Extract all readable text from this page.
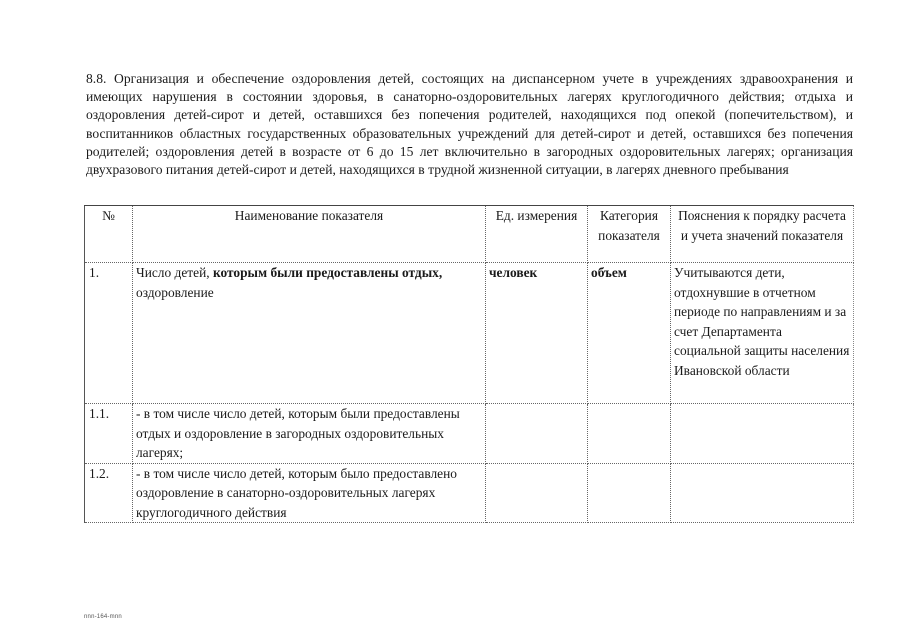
8.8. Организация и обеспечение оздоровления детей, состоящих на диспансерном учете в учреждениях здравоохранения и имеющих нарушения в состоянии здоровья, в санаторно-оздоровительных лагерях круглогодичного действия; отдыха и оздоровления детей-сирот и детей, оставшихся без попечения родителей, находящихся под опекой (попечительством), и воспитанников областных государственных образовательных учреждений для детей-сирот и детей, оставшихся без попечения родителей; оздоровления детей в возрасте от 6 до 15 лет включительно в загородных оздоровительных лагерях; организация двухразового питания детей-сирот и детей, находящихся в трудной жизненной ситуации, в лагерях дневного пребывания
№	Наименование показателя	Ед. измерения	Категория показателя	Пояснения к порядку расчета и учета значений показателя
1.	Число детей, которым были предоставлены отдых, оздоровление	человек	объем	Учитываются дети, отдохнувшие в отчетном периоде по направлениям и за счет Департамента социальной защиты населения Ивановской области
1.1.	- в том числе число детей, которым были предоставлены отдых и оздоровление в загородных оздоровительных лагерях;			
1.2.	- в том числе число детей, которым было предоставлено оздоровление в санаторно-оздоровительных лагерях круглогодичного действия			
nnn-164-mnn
